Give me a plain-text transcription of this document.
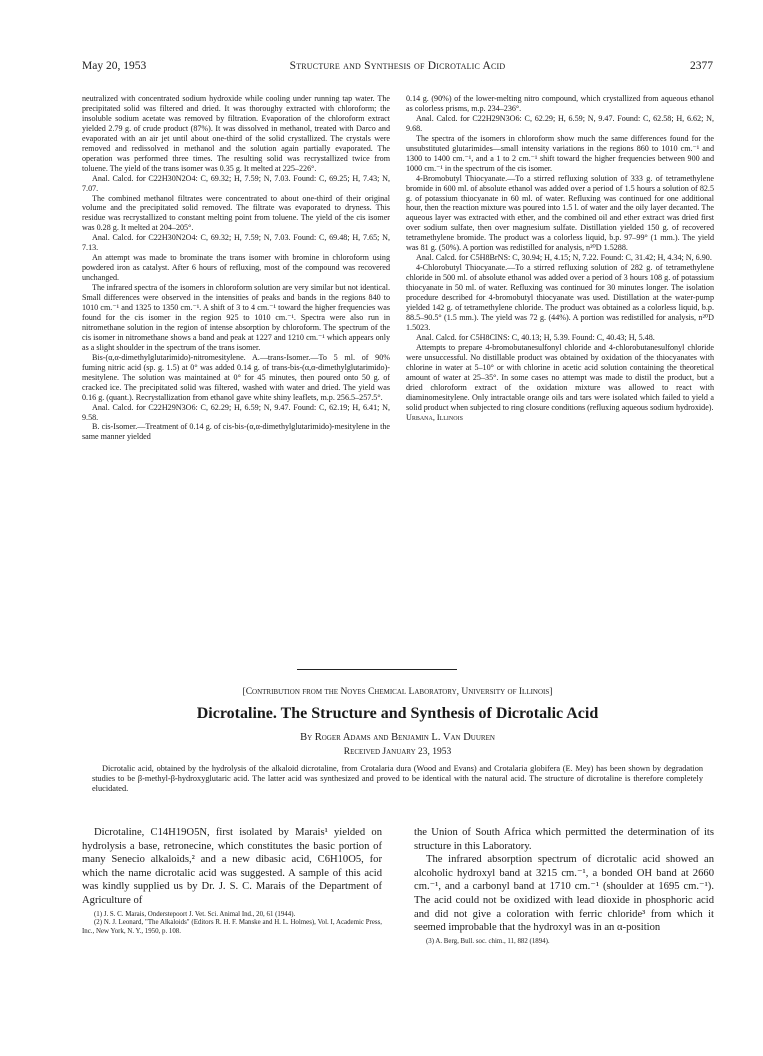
May 20, 1953	Structure and Synthesis of Dicrotalic Acid	2377

neutralized with concentrated sodium hydroxide while cooling under running tap water. The precipitated solid was filtered and dried. It was thoroughy extracted with chloroform; the insoluble sodium acetate was removed by filtration. Evaporation of the chloroform extract yielded 2.79 g. of crude product (87%). It was dissolved in methanol, treated with Darco and evaporated with an air jet until about one-third of the solid crystallized. The crystals were removed and redissolved in methanol and the solution again partially evaporated. The operation was performed three times. The resulting solid was recrystallized twice from toluene. The yield of the trans isomer was 0.35 g. It melted at 225–226°.

Anal. Calcd. for C22H30N2O4: C, 69.32; H, 7.59; N, 7.03. Found: C, 69.25; H, 7.43; N, 7.07.

The combined methanol filtrates were concentrated to about one-third of their original volume and the precipitated solid removed. The filtrate was evaporated to dryness. This residue was recrystallized to constant melting point from toluene. The yield of the cis isomer was 0.28 g. It melted at 204–205°.

Anal. Calcd. for C22H30N2O4: C, 69.32; H, 7.59; N, 7.03. Found: C, 69.48; H, 7.65; N, 7.13.

An attempt was made to brominate the trans isomer with bromine in chloroform using powdered iron as catalyst. After 6 hours of refluxing, most of the compound was recovered unchanged.

The infrared spectra of the isomers in chloroform solution are very similar but not identical. Small differences were observed in the intensities of peaks and bands in the regions 840 to 1010 cm.⁻¹ and 1325 to 1350 cm.⁻¹. A shift of 3 to 4 cm.⁻¹ toward the higher frequencies was found for the cis isomer in the region 925 to 1010 cm.⁻¹. Spectra were also run in nitromethane solution in the region of intense absorption by chloroform. The spectrum of the cis isomer in nitromethane shows a band and peak at 1227 and 1210 cm.⁻¹ which appears only as a slight shoulder in the spectrum of the trans isomer.

Bis-(α,α-dimethylglutarimido)-nitromesitylene. A.—trans-Isomer.—To 5 ml. of 90% fuming nitric acid (sp. g. 1.5) at 0° was added 0.14 g. of trans-bis-(α,α-dimethylglutarimido)-mesitylene. The solution was maintained at 0° for 45 minutes, then poured onto 50 g. of cracked ice. The precipitated solid was filtered, washed with water and dried. The yield was 0.16 g. (quant.). Recrystallization from ethanol gave white shiny leaflets, m.p. 256.5–257.5°.

Anal. Calcd. for C22H29N3O6: C, 62.29; H, 6.59; N, 9.47. Found: C, 62.19; H, 6.41; N, 9.58.

B. cis-Isomer.—Treatment of 0.14 g. of cis-bis-(α,α-dimethylglutarimido)-mesitylene in the same manner yielded

0.14 g. (90%) of the lower-melting nitro compound, which crystallized from aqueous ethanol as colorless prisms, m.p. 234–236°.

Anal. Calcd. for C22H29N3O6: C, 62.29; H, 6.59; N, 9.47. Found: C, 62.58; H, 6.62; N, 9.68.

The spectra of the isomers in chloroform show much the same differences found for the unsubstituted glutarimides—small intensity variations in the regions 860 to 1010 cm.⁻¹ and 1300 to 1400 cm.⁻¹, and a 1 to 2 cm.⁻¹ shift toward the higher frequencies between 900 and 1000 cm.⁻¹ in the spectrum of the cis isomer.

4-Bromobutyl Thiocyanate.—To a stirred refluxing solution of 333 g. of tetramethylene bromide in 600 ml. of absolute ethanol was added over a period of 1.5 hours a solution of 82.5 g. of potassium thiocyanate in 60 ml. of water. Refluxing was continued for one additional hour, then the reaction mixture was poured into 1.5 l. of water and the oily layer decanted. The aqueous layer was extracted with ether, and the combined oil and ether extract was dried first over sodium sulfate, then over magnesium sulfate. Distillation yielded 150 g. of recovered tetramethylene bromide. The product was a colorless liquid, b.p. 97–99° (1 mm.). The yield was 81 g. (50%). A portion was redistilled for analysis, n²⁰D 1.5288.

Anal. Calcd. for C5H8BrNS: C, 30.94; H, 4.15; N, 7.22. Found: C, 31.42; H, 4.34; N, 6.90.

4-Chlorobutyl Thiocyanate.—To a stirred refluxing solution of 282 g. of tetramethylene chloride in 500 ml. of absolute ethanol was added over a period of 3 hours 108 g. of potassium thiocyanate in 50 ml. of water. Refluxing was continued for 30 minutes longer. The isolation procedure described for 4-bromobutyl thiocyanate was used. Distillation at the water-pump yielded 142 g. of tetramethylene chloride. The product was obtained as a colorless liquid, b.p. 88.5–90.5° (1.5 mm.). The yield was 72 g. (44%). A portion was redistilled for analysis, n²⁰D 1.5023.

Anal. Calcd. for C5H8ClNS: C, 40.13; H, 5.39. Found: C, 40.43; H, 5.48.

Attempts to prepare 4-bromobutanesulfonyl chloride and 4-chlorobutanesulfonyl chloride were unsuccessful. No distillable product was obtained by oxidation of the thiocyanates with chlorine in water at 5–10° or with chlorine in acetic acid solution containing the theoretical amount of water at 25–35°. In some cases no attempt was made to distil the product, but a dried chloroform extract of the oxidation mixture was allowed to react with diaminomesitylene. Only intractable orange oils and tars were isolated which failed to yield a solid product when subjected to ring closure conditions (refluxing aqueous sodium hydroxide).

Urbana, Illinois

[Contribution from the Noyes Chemical Laboratory, University of Illinois]
Dicrotaline. The Structure and Synthesis of Dicrotalic Acid
By Roger Adams and Benjamin L. Van Duuren
Received January 23, 1953
Dicrotalic acid, obtained by the hydrolysis of the alkaloid dicrotaline, from Crotalaria dura (Wood and Evans) and Crotalaria globifera (E. Mey) has been shown by degradation studies to be β-methyl-β-hydroxyglutaric acid. The latter acid was synthesized and proved to be identical with the natural acid. The structure of dicrotaline is therefore completely elucidated.

Dicrotaline, C14H19O5N, first isolated by Marais¹ yielded on hydrolysis a base, retronecine, which constitutes the basic portion of many Senecio alkaloids,² and a new dibasic acid, C6H10O5, for which the name dicrotalic acid was suggested. A sample of this acid was kindly supplied us by Dr. J. S. C. Marais of the Department of Agriculture of

(1) J. S. C. Marais, Onderstepoort J. Vet. Sci. Animal Ind., 20, 61 (1944).

(2) N. J. Leonard, "The Alkaloids" (Editors R. H. F. Manske and H. L. Holmes), Vol. I, Academic Press, Inc., New York, N. Y., 1950, p. 108.

the Union of South Africa which permitted the determination of its structure in this Laboratory.

The infrared absorption spectrum of dicrotalic acid showed an alcoholic hydroxyl band at 3215 cm.⁻¹, a bonded OH band at 2660 cm.⁻¹, and a carbonyl band at 1710 cm.⁻¹ (shoulder at 1695 cm.⁻¹). The acid could not be oxidized with lead dioxide in phosphoric acid and did not give a coloration with ferric chloride³ from which it seemed improbable that the hydroxyl was in an α-position

(3) A. Berg, Bull. soc. chim., 11, 882 (1894).
